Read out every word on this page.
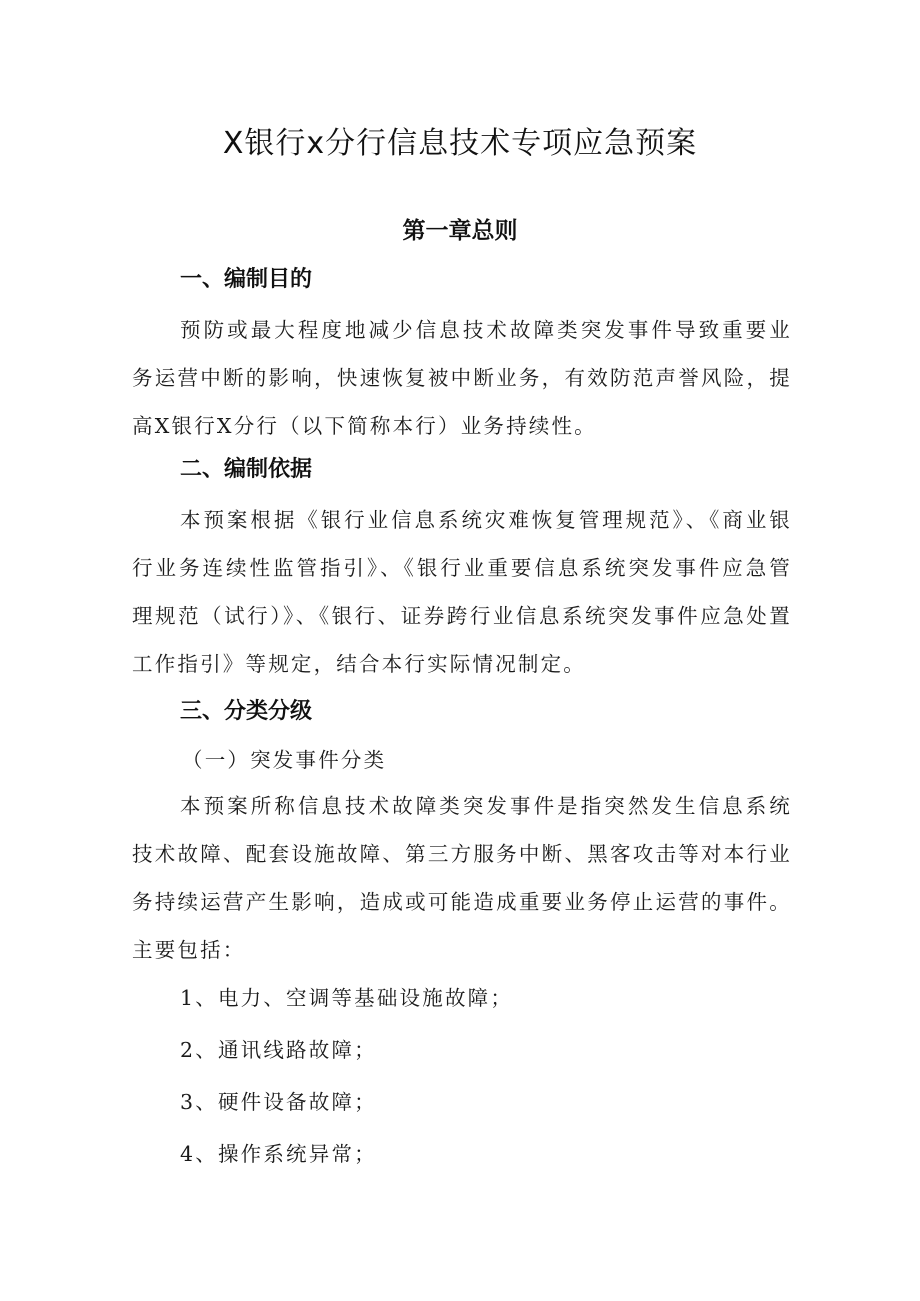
X银行x分行信息技术专项应急预案
第一章总则
一、编制目的
预防或最大程度地减少信息技术故障类突发事件导致重要业务运营中断的影响，快速恢复被中断业务，有效防范声誉风险，提高X银行X分行（以下简称本行）业务持续性。
二、编制依据
本预案根据《银行业信息系统灾难恢复管理规范》、《商业银行业务连续性监管指引》、《银行业重要信息系统突发事件应急管理规范（试行）》、《银行、证券跨行业信息系统突发事件应急处置工作指引》等规定，结合本行实际情况制定。
三、分类分级
（一）突发事件分类
本预案所称信息技术故障类突发事件是指突然发生信息系统技术故障、配套设施故障、第三方服务中断、黑客攻击等对本行业务持续运营产生影响，造成或可能造成重要业务停止运营的事件。主要包括：
1、电力、空调等基础设施故障；
2、通讯线路故障；
3、硬件设备故障；
4、操作系统异常；
